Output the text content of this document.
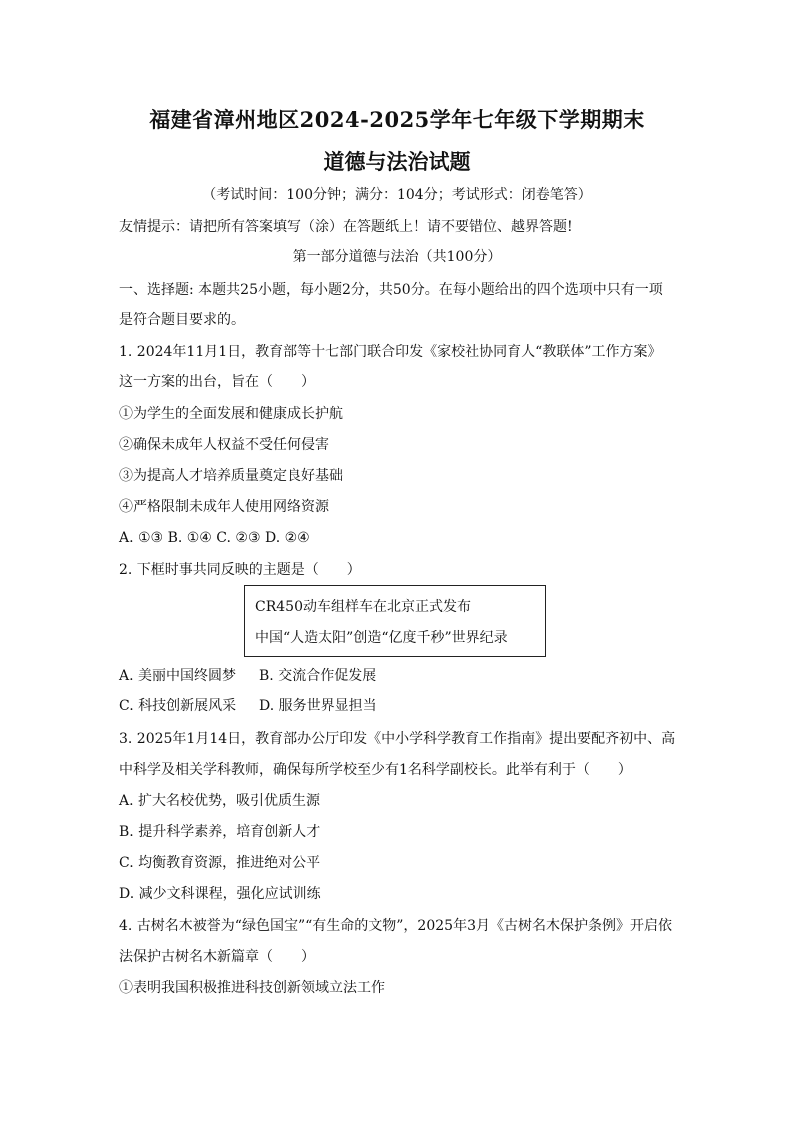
福建省漳州地区2024-2025学年七年级下学期期末
道德与法治试题
（考试时间：100分钟；满分：104分；考试形式：闭卷笔答）
友情提示：请把所有答案填写（涂）在答题纸上！请不要错位、越界答题!
第一部分道德与法治（共100分）
一、选择题: 本题共25小题，每小题2分，共50分。在每小题给出的四个选项中只有一项
是符合题目要求的。
1. 2024年11月1日，教育部等十七部门联合印发《家校社协同育人“教联体”工作方案》
这一方案的出台，旨在（　　）
①为学生的全面发展和健康成长护航
②确保未成年人权益不受任何侵害
③为提高人才培养质量奠定良好基础
④严格限制未成年人使用网络资源
A. ①③ B. ①④ C. ②③ D. ②④
2. 下框时事共同反映的主题是（　　）
CR450动车组样车在北京正式发布
中国“人造太阳”创造“亿度千秒”世界纪录
A. 美丽中国终圆梦 B. 交流合作促发展
C. 科技创新展风采 D. 服务世界显担当
3. 2025年1月14日，教育部办公厅印发《中小学科学教育工作指南》提出要配齐初中、高
中科学及相关学科教师，确保每所学校至少有1名科学副校长。此举有利于（　　）
A. 扩大名校优势，吸引优质生源
B. 提升科学素养，培育创新人才
C. 均衡教育资源，推进绝对公平
D. 减少文科课程，强化应试训练
4. 古树名木被誉为“绿色国宝”“有生命的文物”，2025年3月《古树名木保护条例》开启依
法保护古树名木新篇章（　　）
①表明我国积极推进科技创新领域立法工作
